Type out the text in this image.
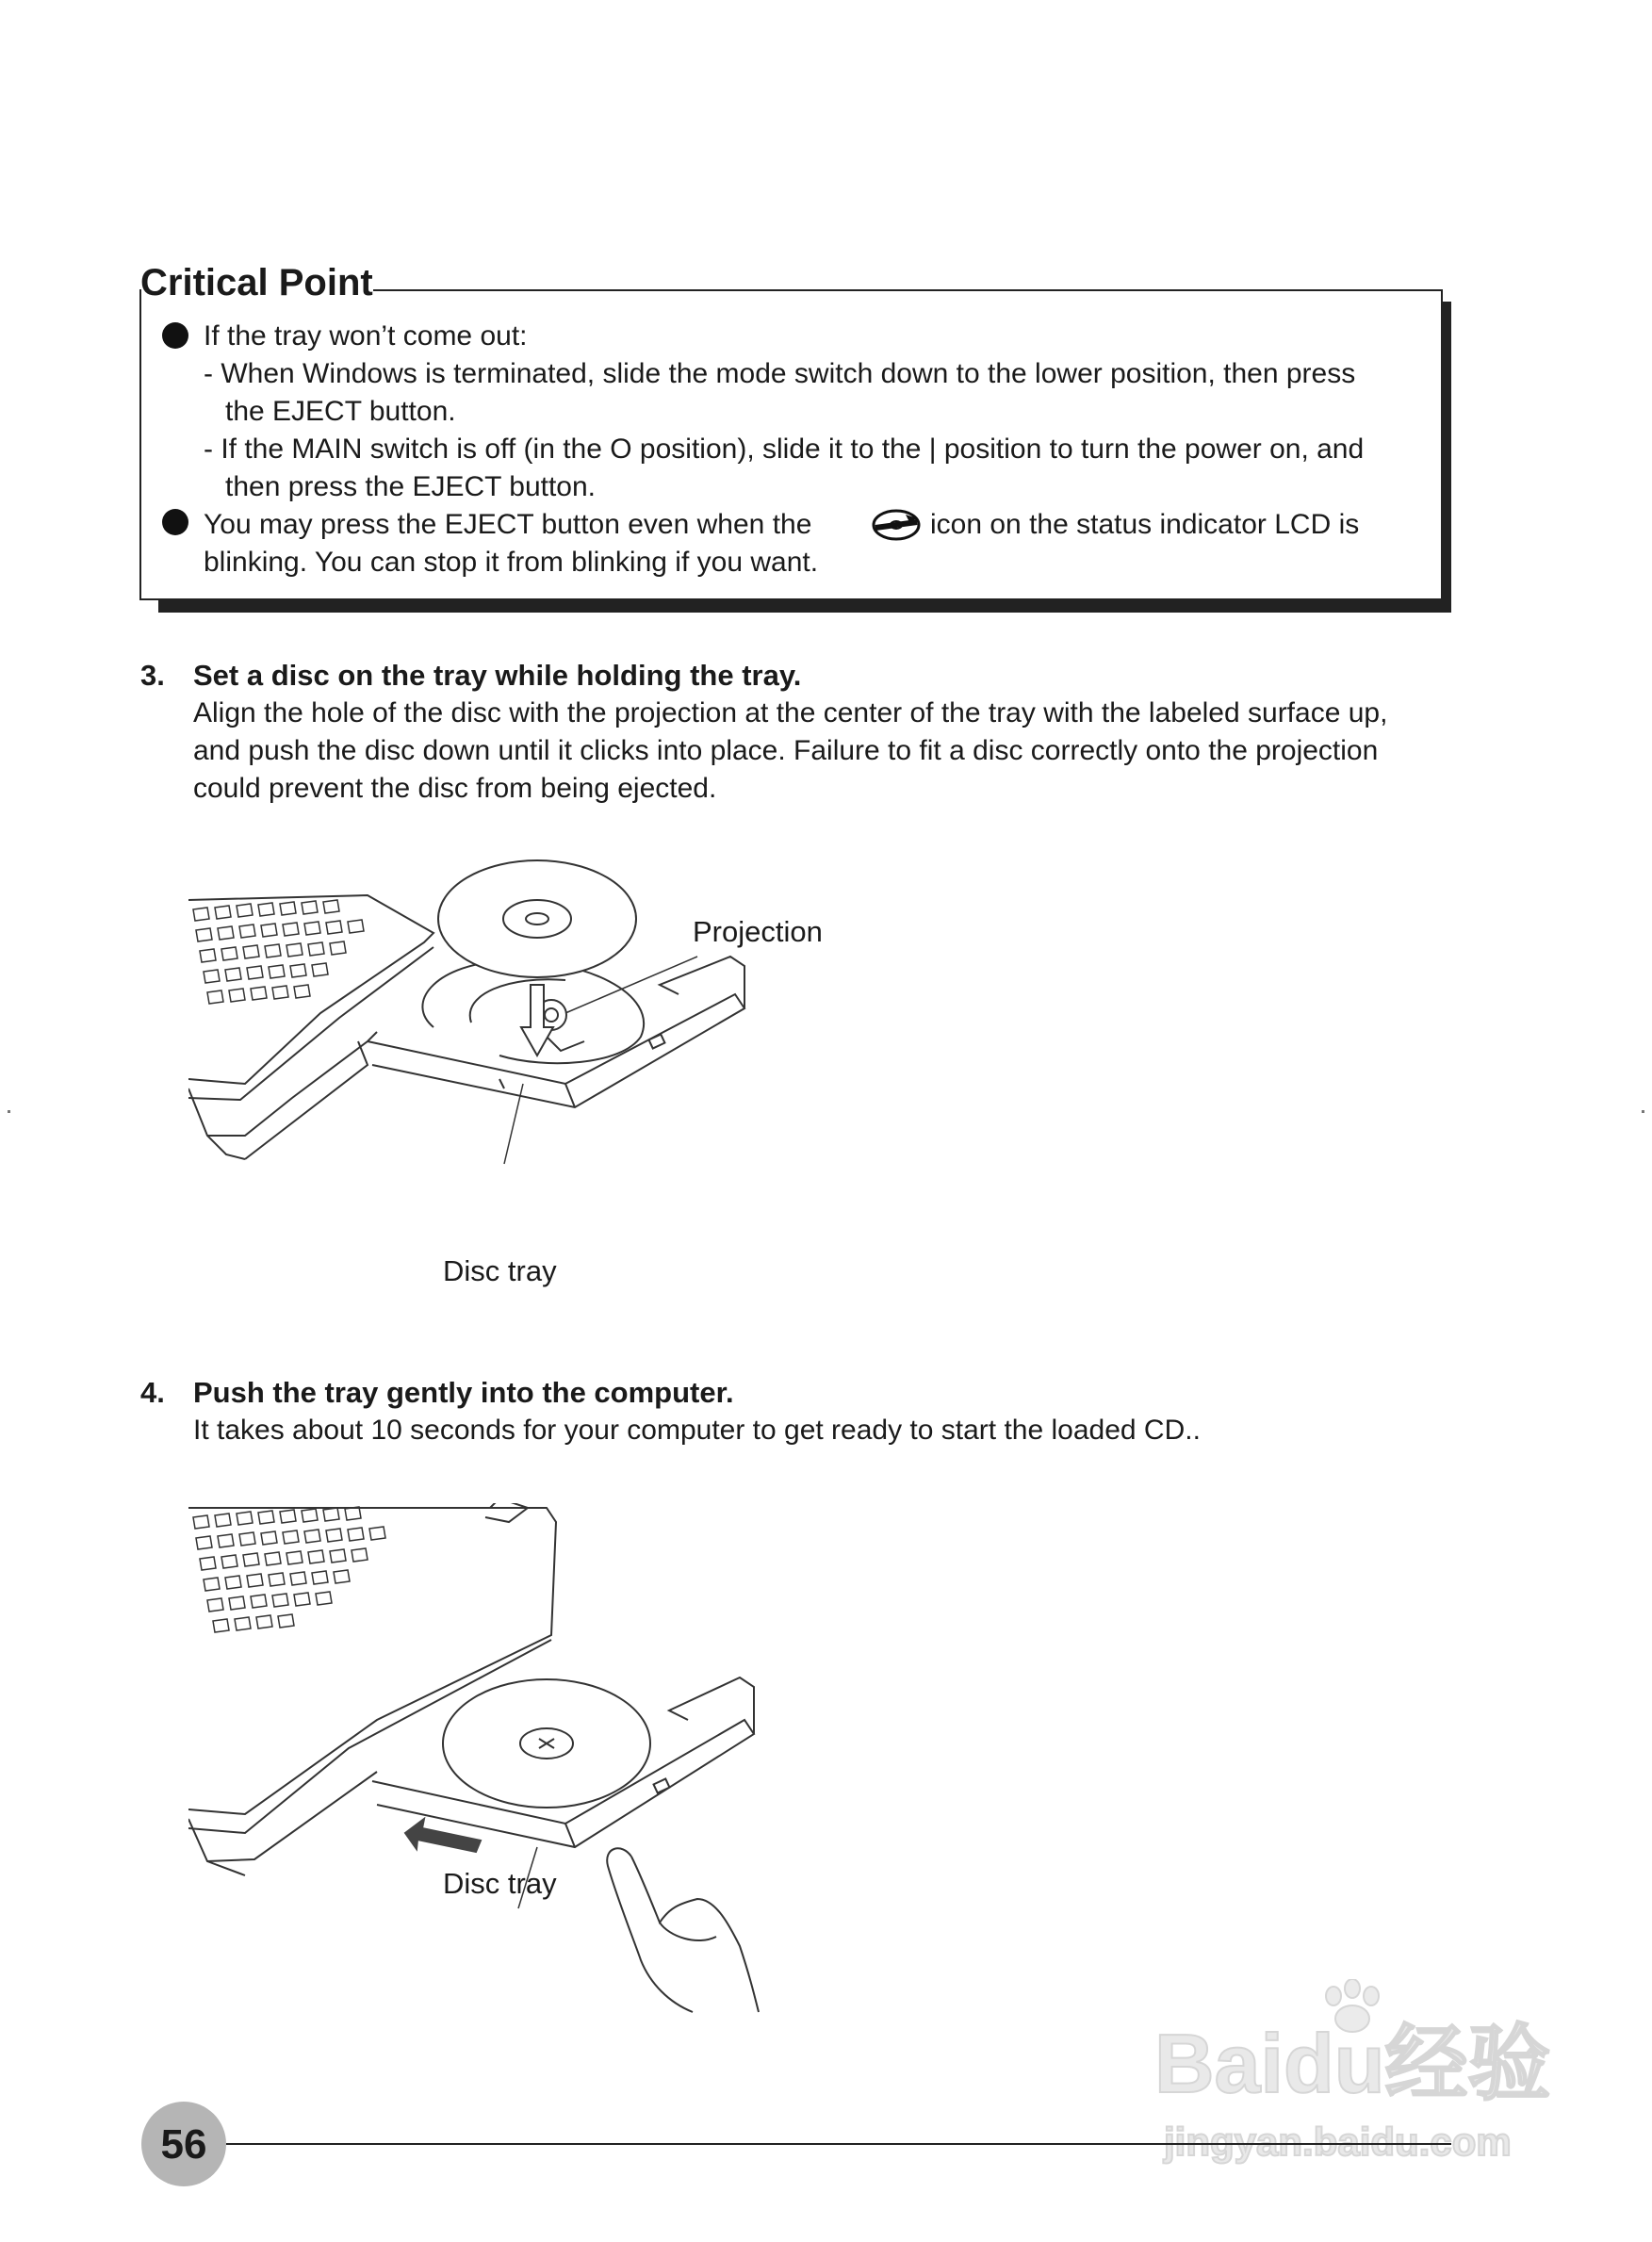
Critical Point
If the tray won’t come out:
- When Windows is terminated, slide the mode switch down to the lower position, then press
the EJECT button.
- If the MAIN switch is off (in the O position), slide it to the | position to turn the power on, and
then press the EJECT button.
You may press the EJECT button even when the	icon on the status indicator LCD is
blinking. You can stop it from blinking if you want.
3. Set a disc on the tray while holding the tray.
Align the hole of the disc with the projection at the center of the tray with the labeled surface up,
and push the disc down until it clicks into place. Failure to fit a disc correctly onto the projection
could prevent the disc from being ejected.
Projection
Disc tray
4. Push the tray gently into the computer.
It takes about 10 seconds for your computer to get ready to start the loaded CD..
Disc tray
Baidu经验
jingyan.baidu.com
56
